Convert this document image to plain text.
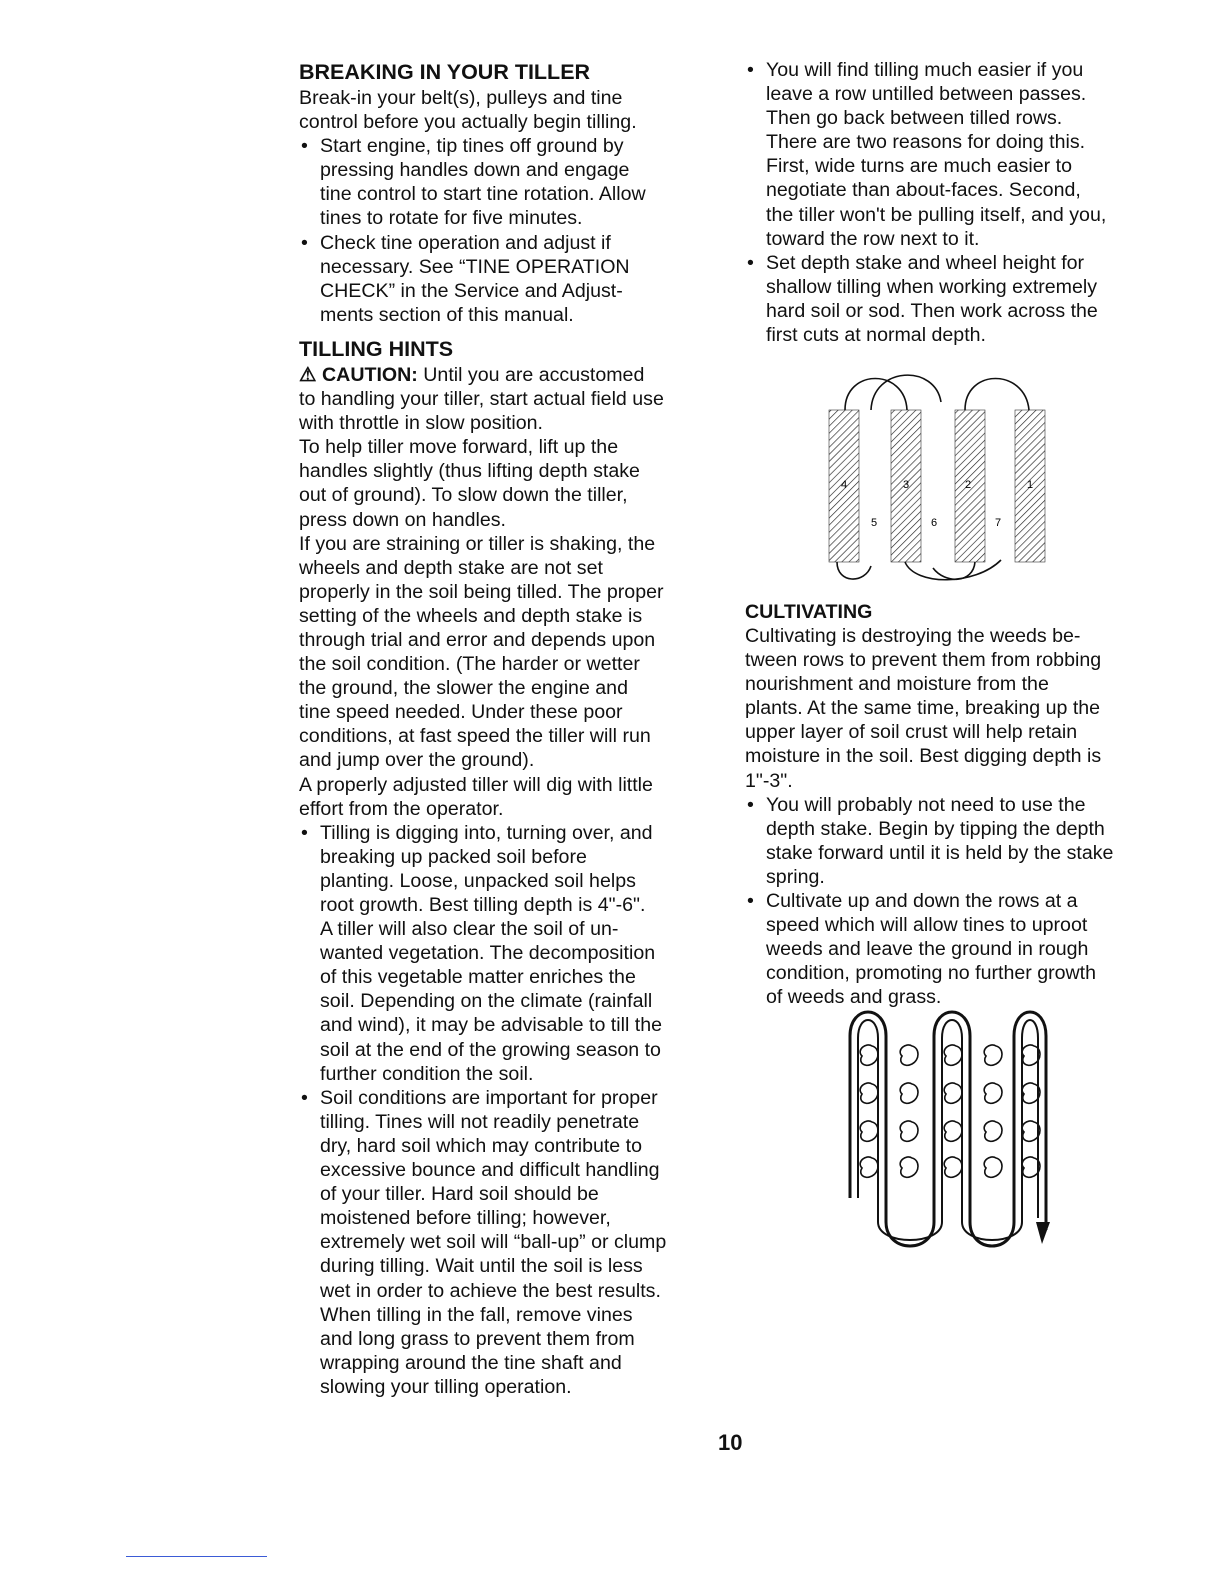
BREAKING IN YOUR TILLER

Break-in your belt(s), pulleys and tine
control before you actually begin tilling.

• Start engine, tip tines off ground by
pressing handles down and engage
tine control to start tine rotation. Allow
tines to rotate for five minutes.
• Check tine operation and adjust if
necessary. See “TINE OPERATION
CHECK” in the Service and Adjust-
ments section of this manual.
TILLING HINTS

⚠ CAUTION: Until you are accustomed
to handling your tiller, start actual field use
with throttle in slow position.

To help tiller move forward, lift up the
handles slightly (thus lifting depth stake
out of ground). To slow down the tiller,
press down on handles.

If you are straining or tiller is shaking, the
wheels and depth stake are not set
properly in the soil being tilled. The proper
setting of the wheels and depth stake is
through trial and error and depends upon
the soil condition. (The harder or wetter
the ground, the slower the engine and
tine speed needed. Under these poor
conditions, at fast speed the tiller will run
and jump over the ground).

A properly adjusted tiller will dig with little
effort from the operator.

• Tilling is digging into, turning over, and
breaking up packed soil before
planting. Loose, unpacked soil helps
root growth. Best tilling depth is 4"-6".
A tiller will also clear the soil of un-
wanted vegetation. The decomposition
of this vegetable matter enriches the
soil. Depending on the climate (rainfall
and wind), it may be advisable to till the
soil at the end of the growing season to
further condition the soil.
• Soil conditions are important for proper
tilling. Tines will not readily penetrate
dry, hard soil which may contribute to
excessive bounce and difficult handling
of your tiller. Hard soil should be
moistened before tilling; however,
extremely wet soil will “ball-up” or clump
during tilling. Wait until the soil is less
wet in order to achieve the best results.
When tilling in the fall, remove vines
and long grass to prevent them from
wrapping around the tine shaft and
slowing your tilling operation.
• You will find tilling much easier if you
leave a row untilled between passes.
Then go back between tilled rows.
There are two reasons for doing this.
First, wide turns are much easier to
negotiate than about-faces. Second,
the tiller won't be pulling itself, and you,
toward the row next to it.
• Set depth stake and wheel height for
shallow tilling when working extremely
hard soil or sod. Then work across the
first cuts at normal depth.
4	3	2	1
5	6	7
CULTIVATING

Cultivating is destroying the weeds be-
tween rows to prevent them from robbing
nourishment and moisture from the
plants. At the same time, breaking up the
upper layer of soil crust will help retain
moisture in the soil. Best digging depth is
1"-3".

• You will probably not need to use the
depth stake. Begin by tipping the depth
stake forward until it is held by the stake
spring.
• Cultivate up and down the rows at a
speed which will allow tines to uproot
weeds and leave the ground in rough
condition, promoting no further growth
of weeds and grass.
10
